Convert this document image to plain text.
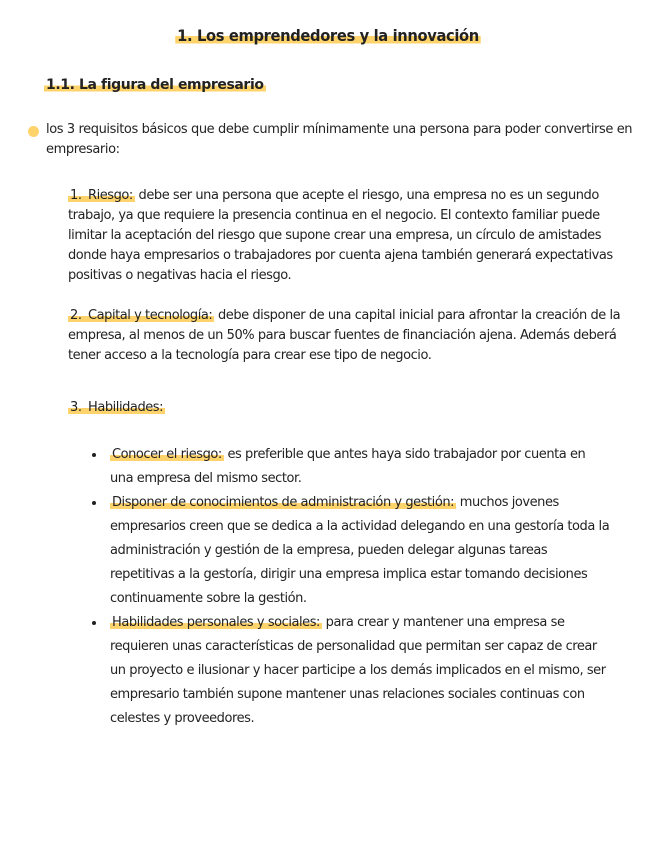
1. Los emprendedores y la innovación
1.1. La figura del empresario
los 3 requisitos básicos que debe cumplir mínimamente una persona para poder convertirse en empresario:
1. Riesgo: debe ser una persona que acepte el riesgo, una empresa no es un segundo trabajo, ya que requiere la presencia continua en el negocio. El contexto familiar puede limitar la aceptación del riesgo que supone crear una empresa, un círculo de amistades donde haya empresarios o trabajadores por cuenta ajena también generará expectativas positivas o negativas hacia el riesgo.
2. Capital y tecnología: debe disponer de una capital inicial para afrontar la creación de la empresa, al menos de un 50% para buscar fuentes de financiación ajena. Además deberá tener acceso a la tecnología para crear ese tipo de negocio.
3. Habilidades:
Conocer el riesgo: es preferible que antes haya sido trabajador por cuenta en una empresa del mismo sector.
Disponer de conocimientos de administración y gestión: muchos jovenes empresarios creen que se dedica a la actividad delegando en una gestoría toda la administración y gestión de la empresa, pueden delegar algunas tareas repetitivas a la gestoría, dirigir una empresa implica estar tomando decisiones continuamente sobre la gestión.
Habilidades personales y sociales: para crear y mantener una empresa se requieren unas características de personalidad que permitan ser capaz de crear un proyecto e ilusionar y hacer participe a los demás implicados en el mismo, ser empresario también supone mantener unas relaciones sociales continuas con celestes y proveedores.
